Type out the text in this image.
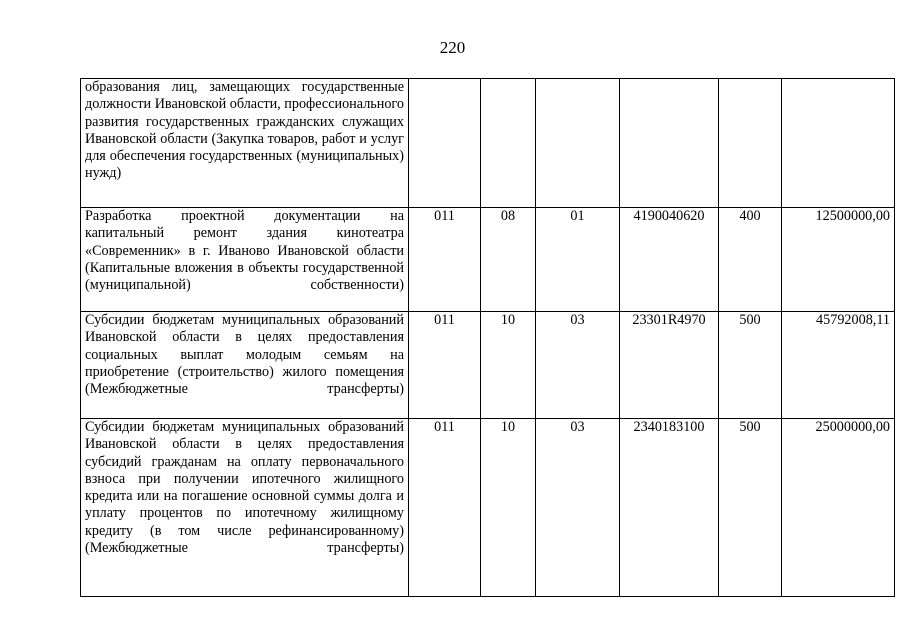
220
образования лиц, замещающих государственные должности Ивановской области, профессионального развития государственных гражданских служащих Ивановской области (Закупка товаров, работ и услуг для обеспечения государственных (муниципальных) нужд)						
Разработка проектной документации на капитальный ремонт здания кинотеатра «Современник» в г. Иваново Ивановской области (Капитальные вложения в объекты государственной (муниципальной) собственности)	011	08	01	4190040620	400	12500000,00
Субсидии бюджетам муниципальных образований Ивановской области в целях предоставления социальных выплат молодым семьям на приобретение (строительство) жилого помещения (Межбюджетные трансферты)	011	10	03	23301R4970	500	45792008,11
Субсидии бюджетам муниципальных образований Ивановской области в целях предоставления субсидий гражданам на оплату первоначального взноса при получении ипотечного жилищного кредита или на погашение основной суммы долга и уплату процентов по ипотечному жилищному кредиту (в том числе рефинансированному) (Межбюджетные трансферты)	011	10	03	2340183100	500	25000000,00
